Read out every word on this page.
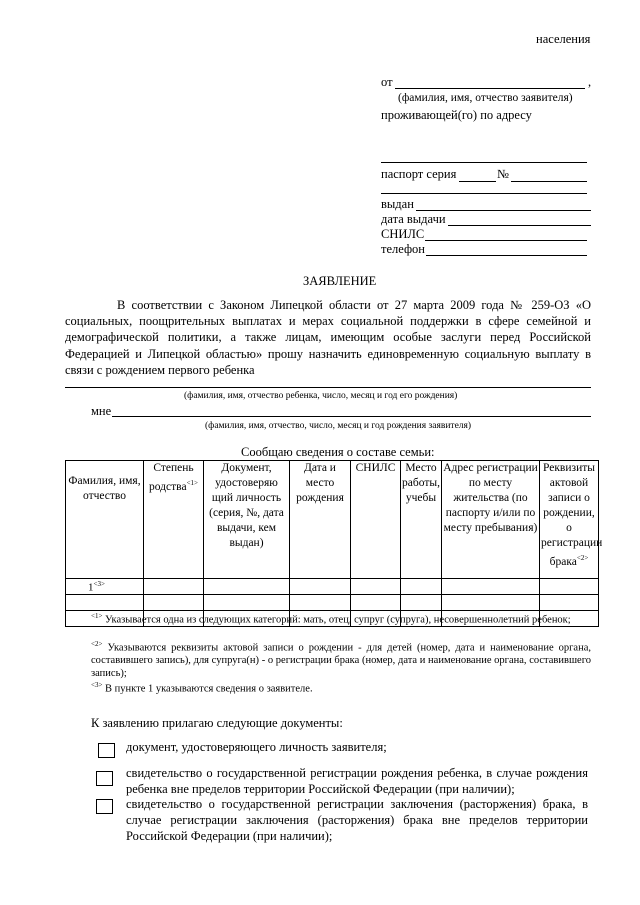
населения
от	,
(фамилия, имя, отчество заявителя)
проживающей(го) по адресу
паспорт серия	№
выдан
дата выдачи
СНИЛС
телефон
ЗАЯВЛЕНИЕ
В соответствии с Законом Липецкой области от 27 марта 2009 года № 259-ОЗ «О социальных, поощрительных выплатах и мерах социальной поддержки в сфере семейной и демографической политики, а также лицам, имеющим особые заслуги перед Российской Федерацией и Липецкой областью» прошу назначить единовременную социальную выплату в связи с рождением первого ребенка
(фамилия, имя, отчество ребенка, число, месяц и год его рождения)
мне
(фамилия, имя, отчество, число, месяц и год рождения заявителя)
Сообщаю сведения о составе семьи:
Фамилия, имя, отчество	Степень родства$^{<1>}$	Документ, удостоверяю щий личность (серия, №, дата выдачи, кем выдан)	Дата и место рождения	СНИЛС	Место работы, учебы	Адрес регистрации по месту жительства (по паспорту и/или по месту пребывания)	Реквизиты актовой записи о рождении, о регистрации брака$^{<2>}$
$1^{<3>}$							

$^{<1>}$ Указывается одна из следующих категорий: мать, отец, супруг (супруга), несовершеннолетний ребенок;
$^{<2>}$ Указываются реквизиты актовой записи о рождении - для детей (номер, дата и наименование органа, составившего запись), для супруга(н) - о регистрации брака (номер, дата и наименование органа, составившего запись);
$^{<3>}$ В пункте 1 указываются сведения о заявителе.
К заявлению прилагаю следующие документы:
документ, удостоверяющего личность заявителя;
свидетельство о государственной регистрации рождения ребенка, в случае рождения ребенка вне пределов территории Российской Федерации (при наличии);
свидетельство о государственной регистрации заключения (расторжения) брака, в случае регистрации заключения (расторжения) брака вне пределов территории Российской Федерации (при наличии);
